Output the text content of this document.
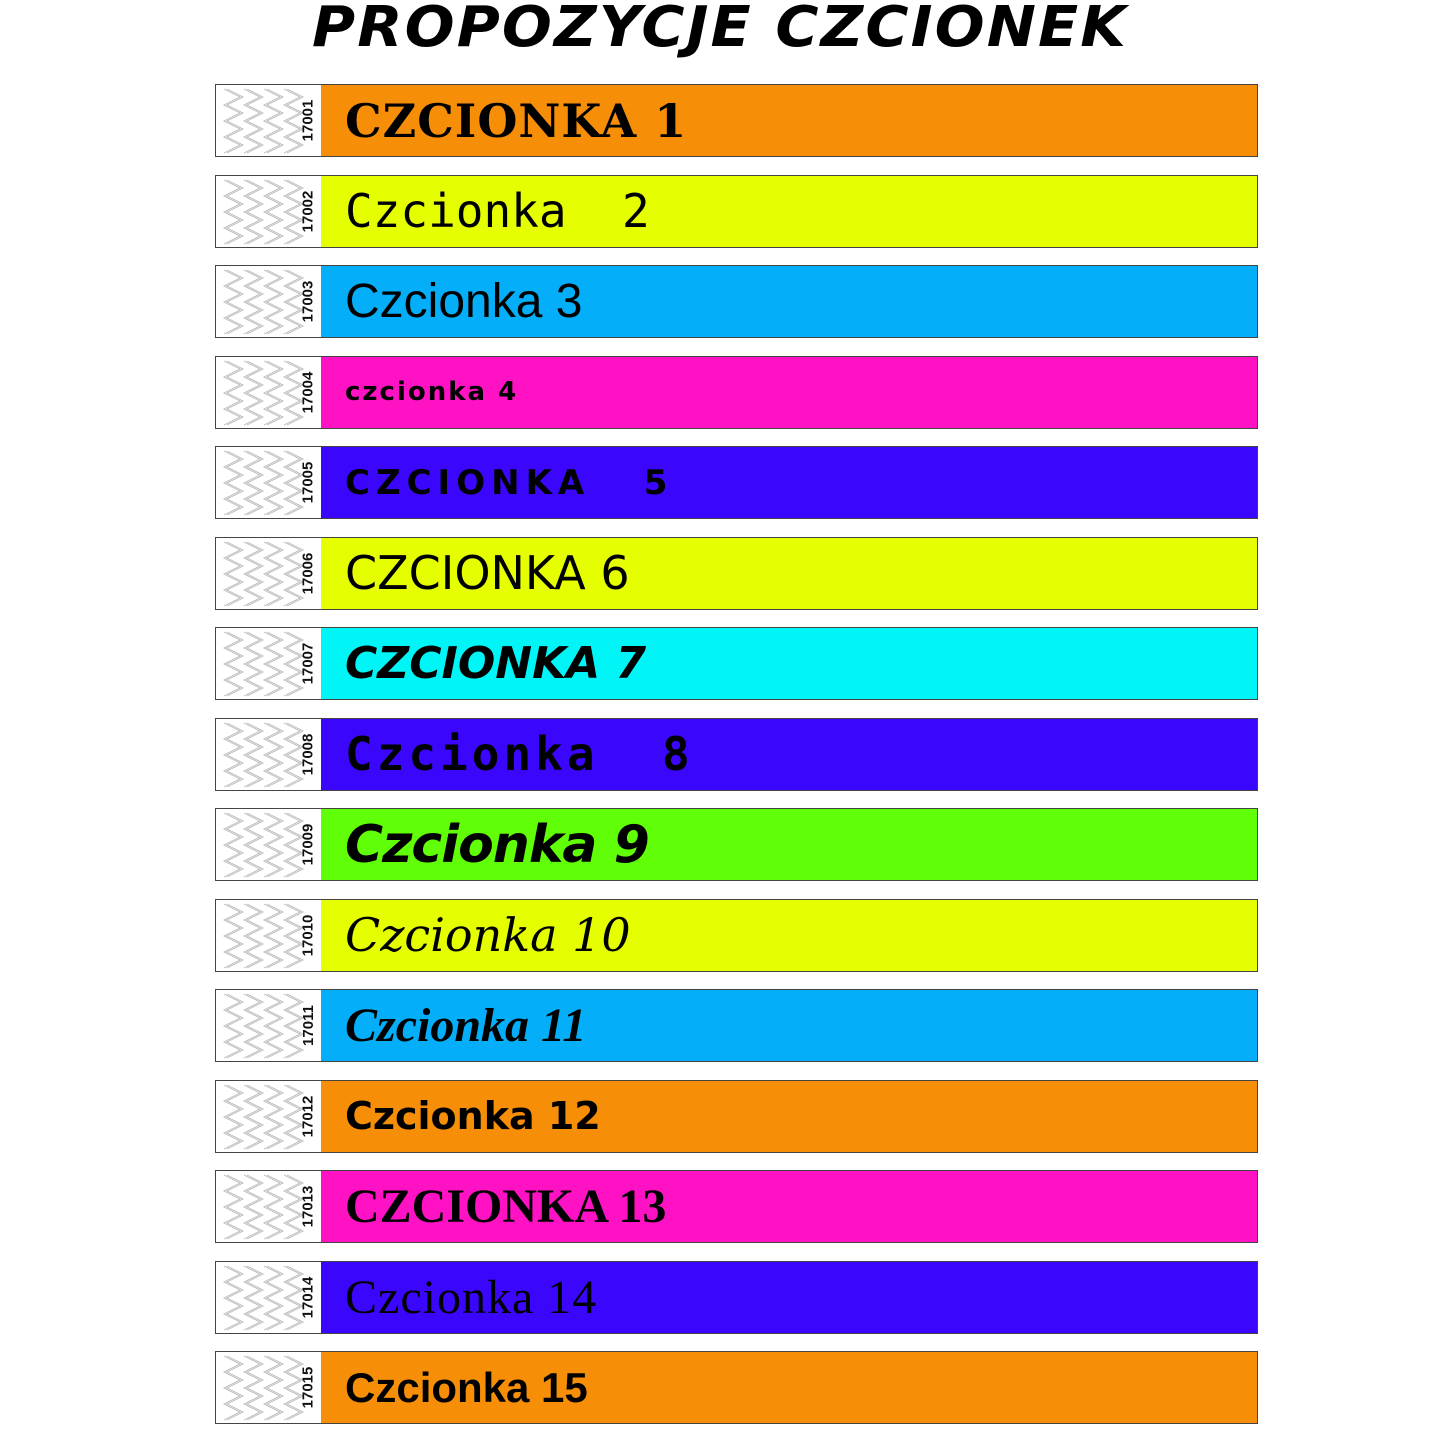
PROPOZYCJE CZCIONEK
17001 CZCIONKA 1
17002 Czcionka  2
17003 Czcionka 3
17004 czcionka 4
17005 CZCIONKA   5
17006 CZCIONKA 6
17007 CZCIONKA 7
17008 Czcionka  8
17009 Czcionka 9
17010 Czcionka 10
17011 Czcionka 11
17012 Czcionka 12
17013 CZCIONKA 13
17014 Czcionka 14
17015 Czcionka 15
